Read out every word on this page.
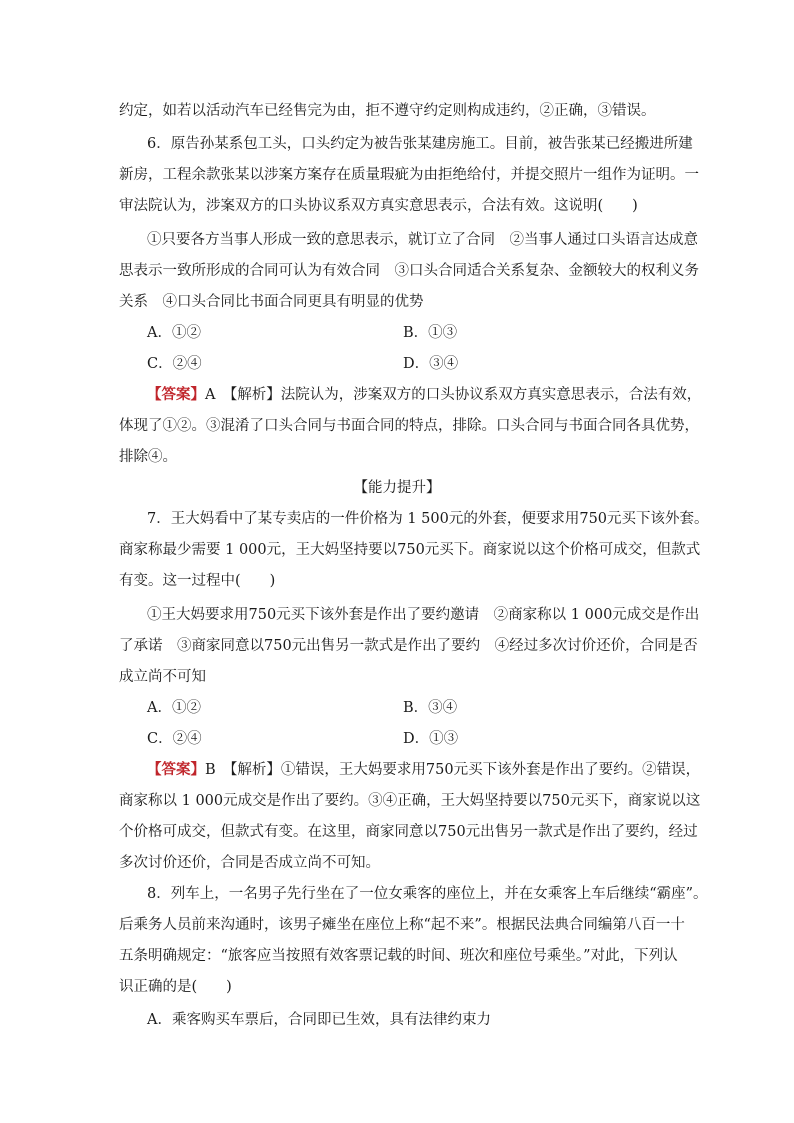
约定，如若以活动汽车已经售完为由，拒不遵守约定则构成违约，②正确，③错误。
6．原告孙某系包工头，口头约定为被告张某建房施工。目前，被告张某已经搬进所建
新房，工程余款张某以涉案方案存在质量瑕疵为由拒绝给付，并提交照片一组作为证明。一
审法院认为，涉案双方的口头协议系双方真实意思表示，合法有效。这说明(　　)
①只要各方当事人形成一致的意思表示，就订立了合同　②当事人通过口头语言达成意
思表示一致所形成的合同可认为有效合同　③口头合同适合关系复杂、金额较大的权利义务
关系　④口头合同比书面合同更具有明显的优势
A．①②	B．①③
C．②④	D．③④
【答案】A　【解析】法院认为，涉案双方的口头协议系双方真实意思表示，合法有效，
体现了①②。③混淆了口头合同与书面合同的特点，排除。口头合同与书面合同各具优势，
排除④。
【能力提升】
7．王大妈看中了某专卖店的一件价格为 1 500元的外套，便要求用750元买下该外套。
商家称最少需要 1 000元，王大妈坚持要以750元买下。商家说以这个价格可成交，但款式
有变。这一过程中(　　)
①王大妈要求用750元买下该外套是作出了要约邀请　②商家称以 1 000元成交是作出
了承诺　③商家同意以750元出售另一款式是作出了要约　④经过多次讨价还价，合同是否
成立尚不可知
A．①②	B．③④
C．②④	D．①③
【答案】B　【解析】①错误，王大妈要求用750元买下该外套是作出了要约。②错误，
商家称以 1 000元成交是作出了要约。③④正确，王大妈坚持要以750元买下，商家说以这
个价格可成交，但款式有变。在这里，商家同意以750元出售另一款式是作出了要约，经过
多次讨价还价，合同是否成立尚不可知。
8．列车上，一名男子先行坐在了一位女乘客的座位上，并在女乘客上车后继续“霸座”。
后乘务人员前来沟通时，该男子瘫坐在座位上称“起不来”。根据民法典合同编第八百一十
五条明确规定：“旅客应当按照有效客票记载的时间、班次和座位号乘坐。”对此，下列认
识正确的是(　　)
A．乘客购买车票后，合同即已生效，具有法律约束力
